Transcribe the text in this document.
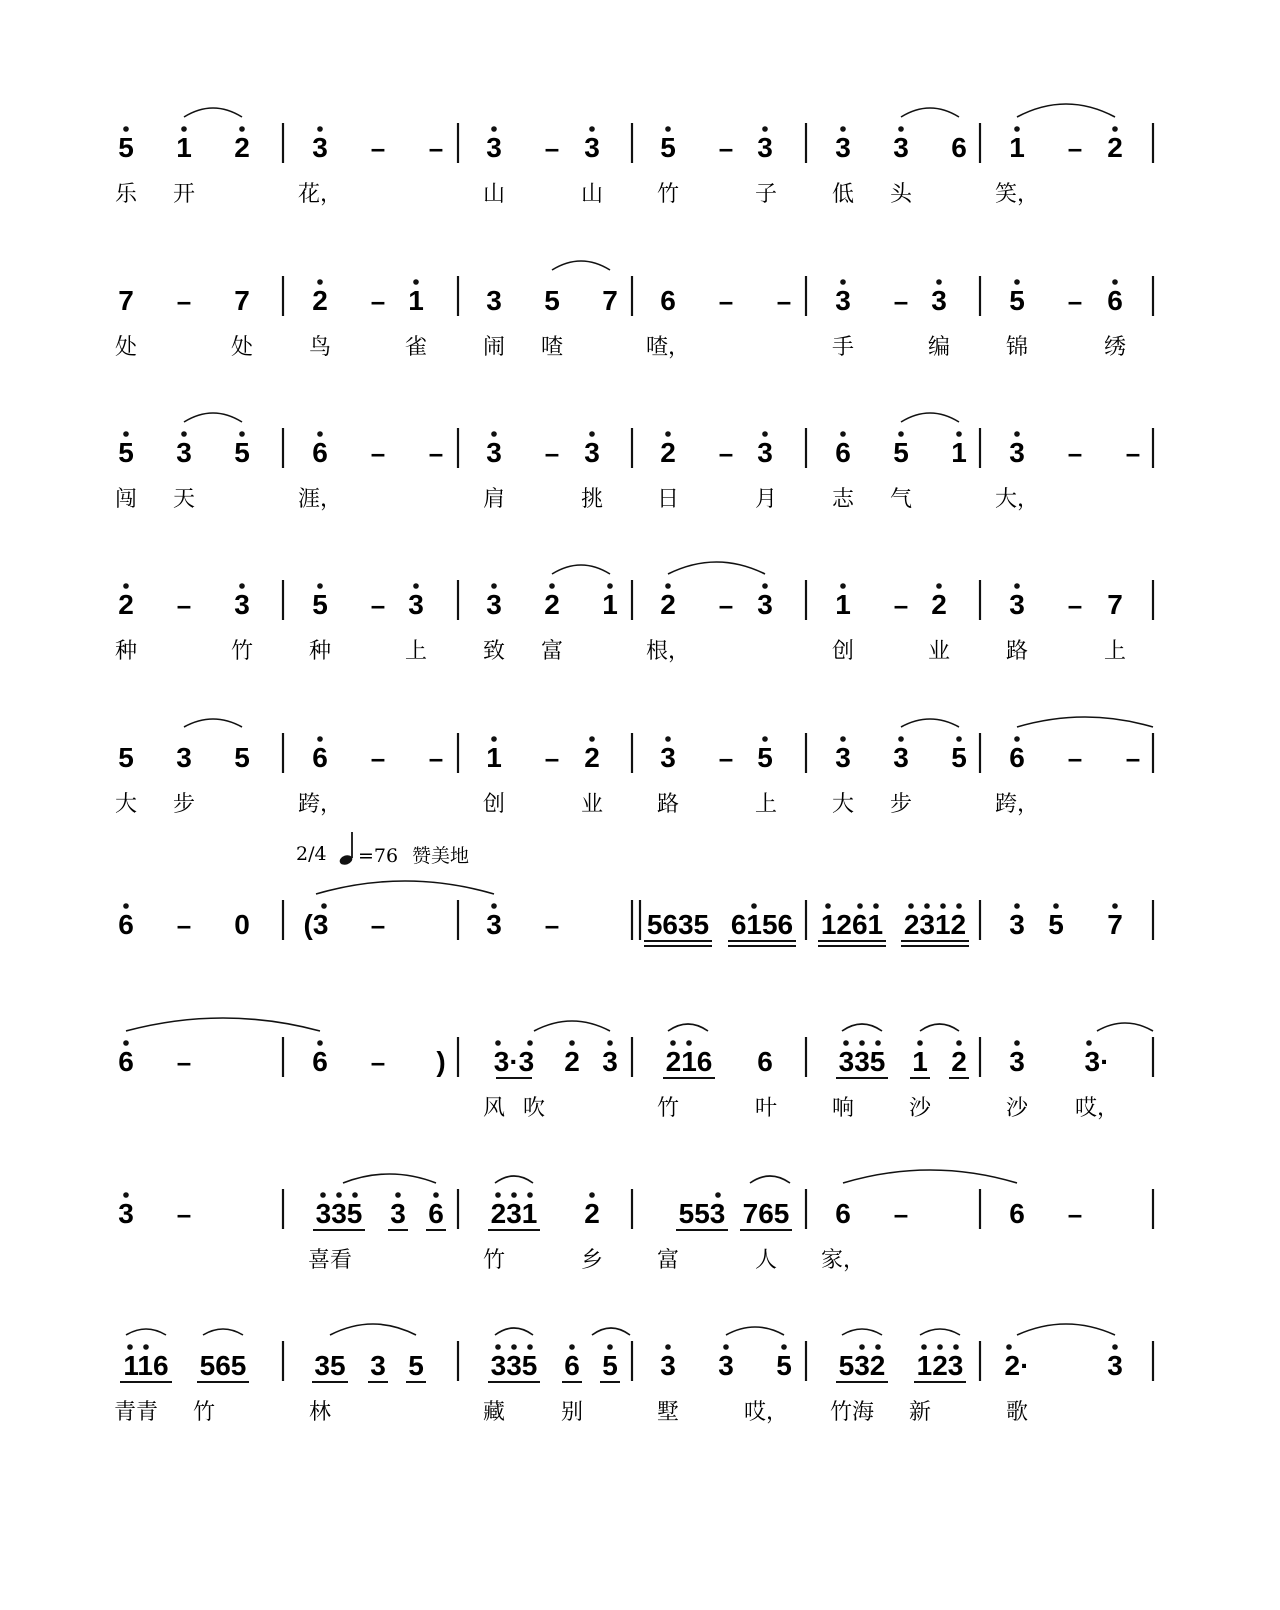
5 1 2 3 – – 3 – 3 5 – 3 3 3 6 1 – 2
7 – 7 2 – 1 3 5 7 6 – – 3 – 3 5 – 6
5 3 5 6 – – 3 – 3 2 – 3 6 5 1 3 – –
2 – 3 5 – 3 3 2 1 2 – 3 1 – 2 3 – 7
5 3 5 6 – – 1 – 2 3 – 5 3 3 5 6 – –
6 – 0 (3 –	3 –	5635 6156 1261 2312 3 5 7
6 –	6 – ) 3·3 2 3 216 6 335 1 2 3 3·
3 –	335 3 6 231 2	553 765 6 –	6 –
116 565 35 3 5 335 6 5 3 3 5 532 123 2·	3
乐 开	花，	山	山 竹	子 低 头	笑，
处	处	鸟	雀	闹 喳	喳，	手	编	锦	绣
闯 天	涯，	肩	挑 日	月 志 气	大，
种	竹	种	上	致 富	根，	创	业	路	上
大 步	跨，	创	业 路	上 大 步	跨，
风 吹	竹	叶 响 沙	沙 哎，
喜看	竹	乡 富	人 家，
青青 竹	林	藏	别	墅	哎， 竹海 新	歌
2/4 =76 赞美地
